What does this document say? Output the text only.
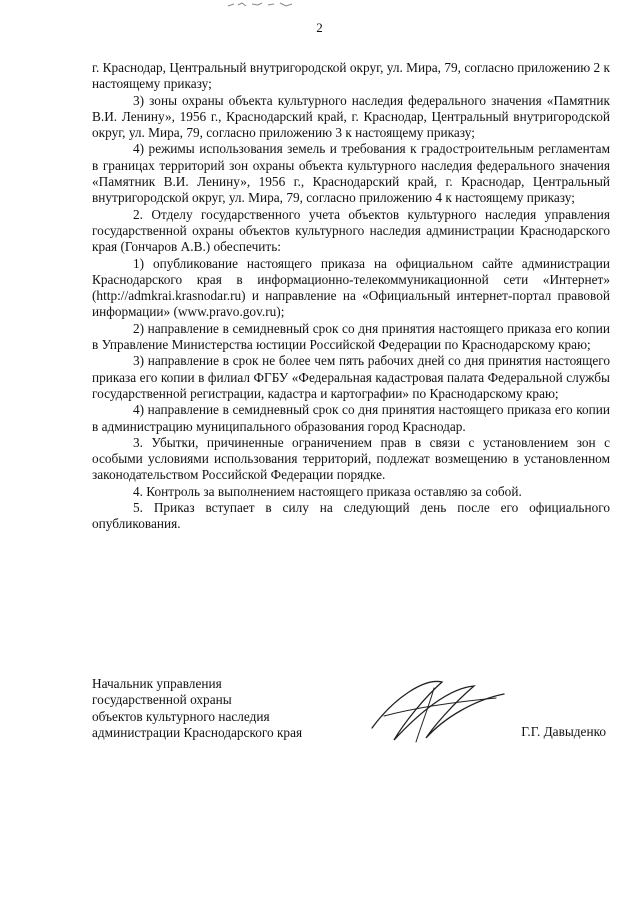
2

г. Краснодар, Центральный внутригородской округ, ул. Мира, 79, согласно приложению 2 к настоящему приказу;

3) зоны охраны объекта культурного наследия федерального значения «Памятник В.И. Ленину», 1956 г., Краснодарский край, г. Краснодар, Центральный внутригородской округ, ул. Мира, 79, согласно приложению 3 к настоящему приказу;

4) режимы использования земель и требования к градостроительным регламентам в границах территорий зон охраны объекта культурного наследия федерального значения «Памятник В.И. Ленину», 1956 г., Краснодарский край, г. Краснодар, Центральный внутригородской округ, ул. Мира, 79, согласно приложению 4 к настоящему приказу;

2. Отделу государственного учета объектов культурного наследия управления государственной охраны объектов культурного наследия администрации Краснодарского края (Гончаров А.В.) обеспечить:

1) опубликование настоящего приказа на официальном сайте администрации Краснодарского края в информационно-телекоммуникационной сети «Интернет» (http://admkrai.krasnodar.ru) и направление на «Официальный интернет-портал правовой информации» (www.pravo.gov.ru);

2) направление в семидневный срок со дня принятия настоящего приказа его копии в Управление Министерства юстиции Российской Федерации по Краснодарскому краю;

3) направление в срок не более чем пять рабочих дней со дня принятия настоящего приказа его копии в филиал ФГБУ «Федеральная кадастровая палата Федеральной службы государственной регистрации, кадастра и картографии» по Краснодарскому краю;

4) направление в семидневный срок со дня принятия настоящего приказа его копии в администрацию муниципального образования город Краснодар.

3. Убытки, причиненные ограничением прав в связи с установлением зон с особыми условиями использования территорий, подлежат возмещению в установленном законодательством Российской Федерации порядке.

4. Контроль за выполнением настоящего приказа оставляю за собой.

5. Приказ вступает в силу на следующий день после его официального опубликования.

Начальник управления
государственной охраны
объектов культурного наследия
администрации Краснодарского края	Г.Г. Давыденко
